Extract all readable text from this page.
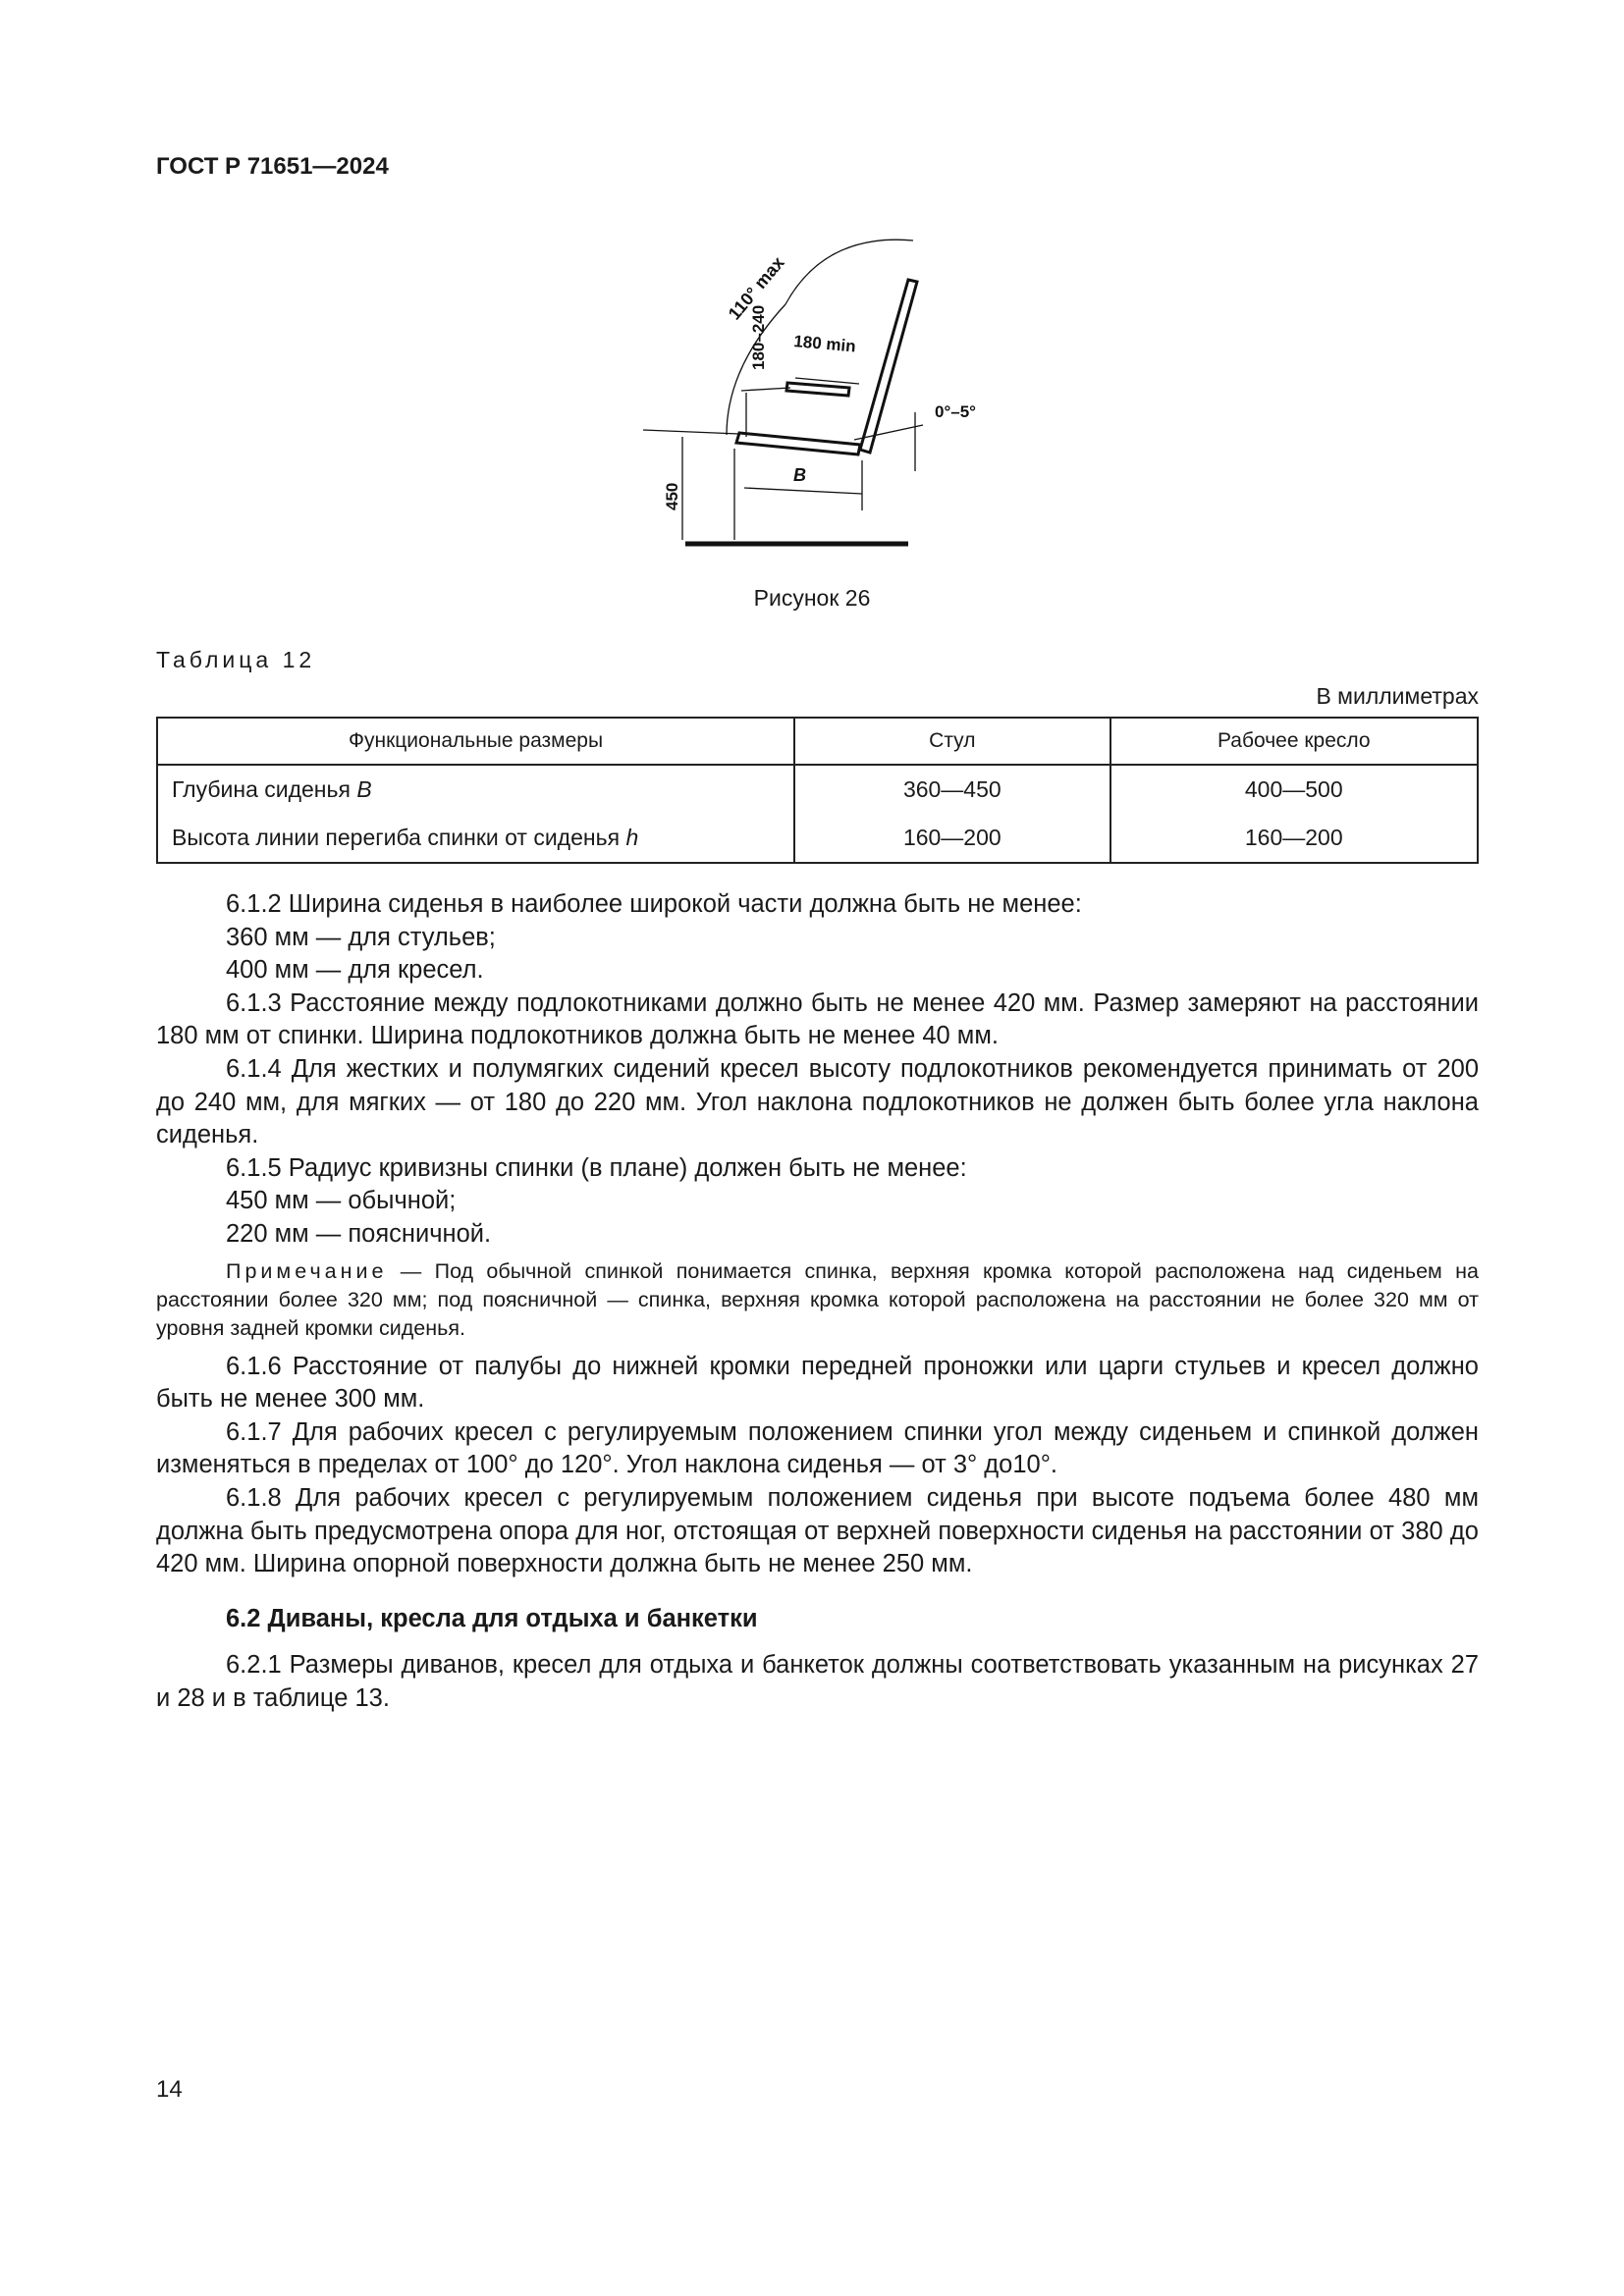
ГОСТ Р 71651—2024
110° max
180–240 180 min
0°–5°
450
B
Рисунок 26
Таблица 12
В миллиметрах
Функциональные размеры	Стул	Рабочее кресло
Глубина сиденья B	360—450	400—500
Высота линии перегиба спинки от сиденья h	160—200	160—200

6.1.2 Ширина сиденья в наиболее широкой части должна быть не менее:

360 мм — для стульев;

400 мм — для кресел.

6.1.3 Расстояние между подлокотниками должно быть не менее 420 мм. Размер замеряют на расстоянии 180 мм от спинки. Ширина подлокотников должна быть не менее 40 мм.

6.1.4 Для жестких и полумягких сидений кресел высоту подлокотников рекомендуется принимать от 200 до 240 мм, для мягких — от 180 до 220 мм. Угол наклона подлокотников не должен быть более угла наклона сиденья.

6.1.5 Радиус кривизны спинки (в плане) должен быть не менее:

450 мм — обычной;

220 мм — поясничной.

Примечание — Под обычной спинкой понимается спинка, верхняя кромка которой расположена над сиденьем на расстоянии более 320 мм; под поясничной — спинка, верхняя кромка которой расположена на расстоянии не более 320 мм от уровня задней кромки сиденья.

6.1.6 Расстояние от палубы до нижней кромки передней проножки или царги стульев и кресел должно быть не менее 300 мм.

6.1.7 Для рабочих кресел с регулируемым положением спинки угол между сиденьем и спинкой должен изменяться в пределах от 100° до 120°. Угол наклона сиденья — от 3° до10°.

6.1.8 Для рабочих кресел с регулируемым положением сиденья при высоте подъема более 480 мм должна быть предусмотрена опора для ног, отстоящая от верхней поверхности сиденья на расстоянии от 380 до 420 мм. Ширина опорной поверхности должна быть не менее 250 мм.

6.2 Диваны, кресла для отдыха и банкетки

6.2.1 Размеры диванов, кресел для отдыха и банкеток должны соответствовать указанным на рисунках 27 и 28 и в таблице 13.

14
